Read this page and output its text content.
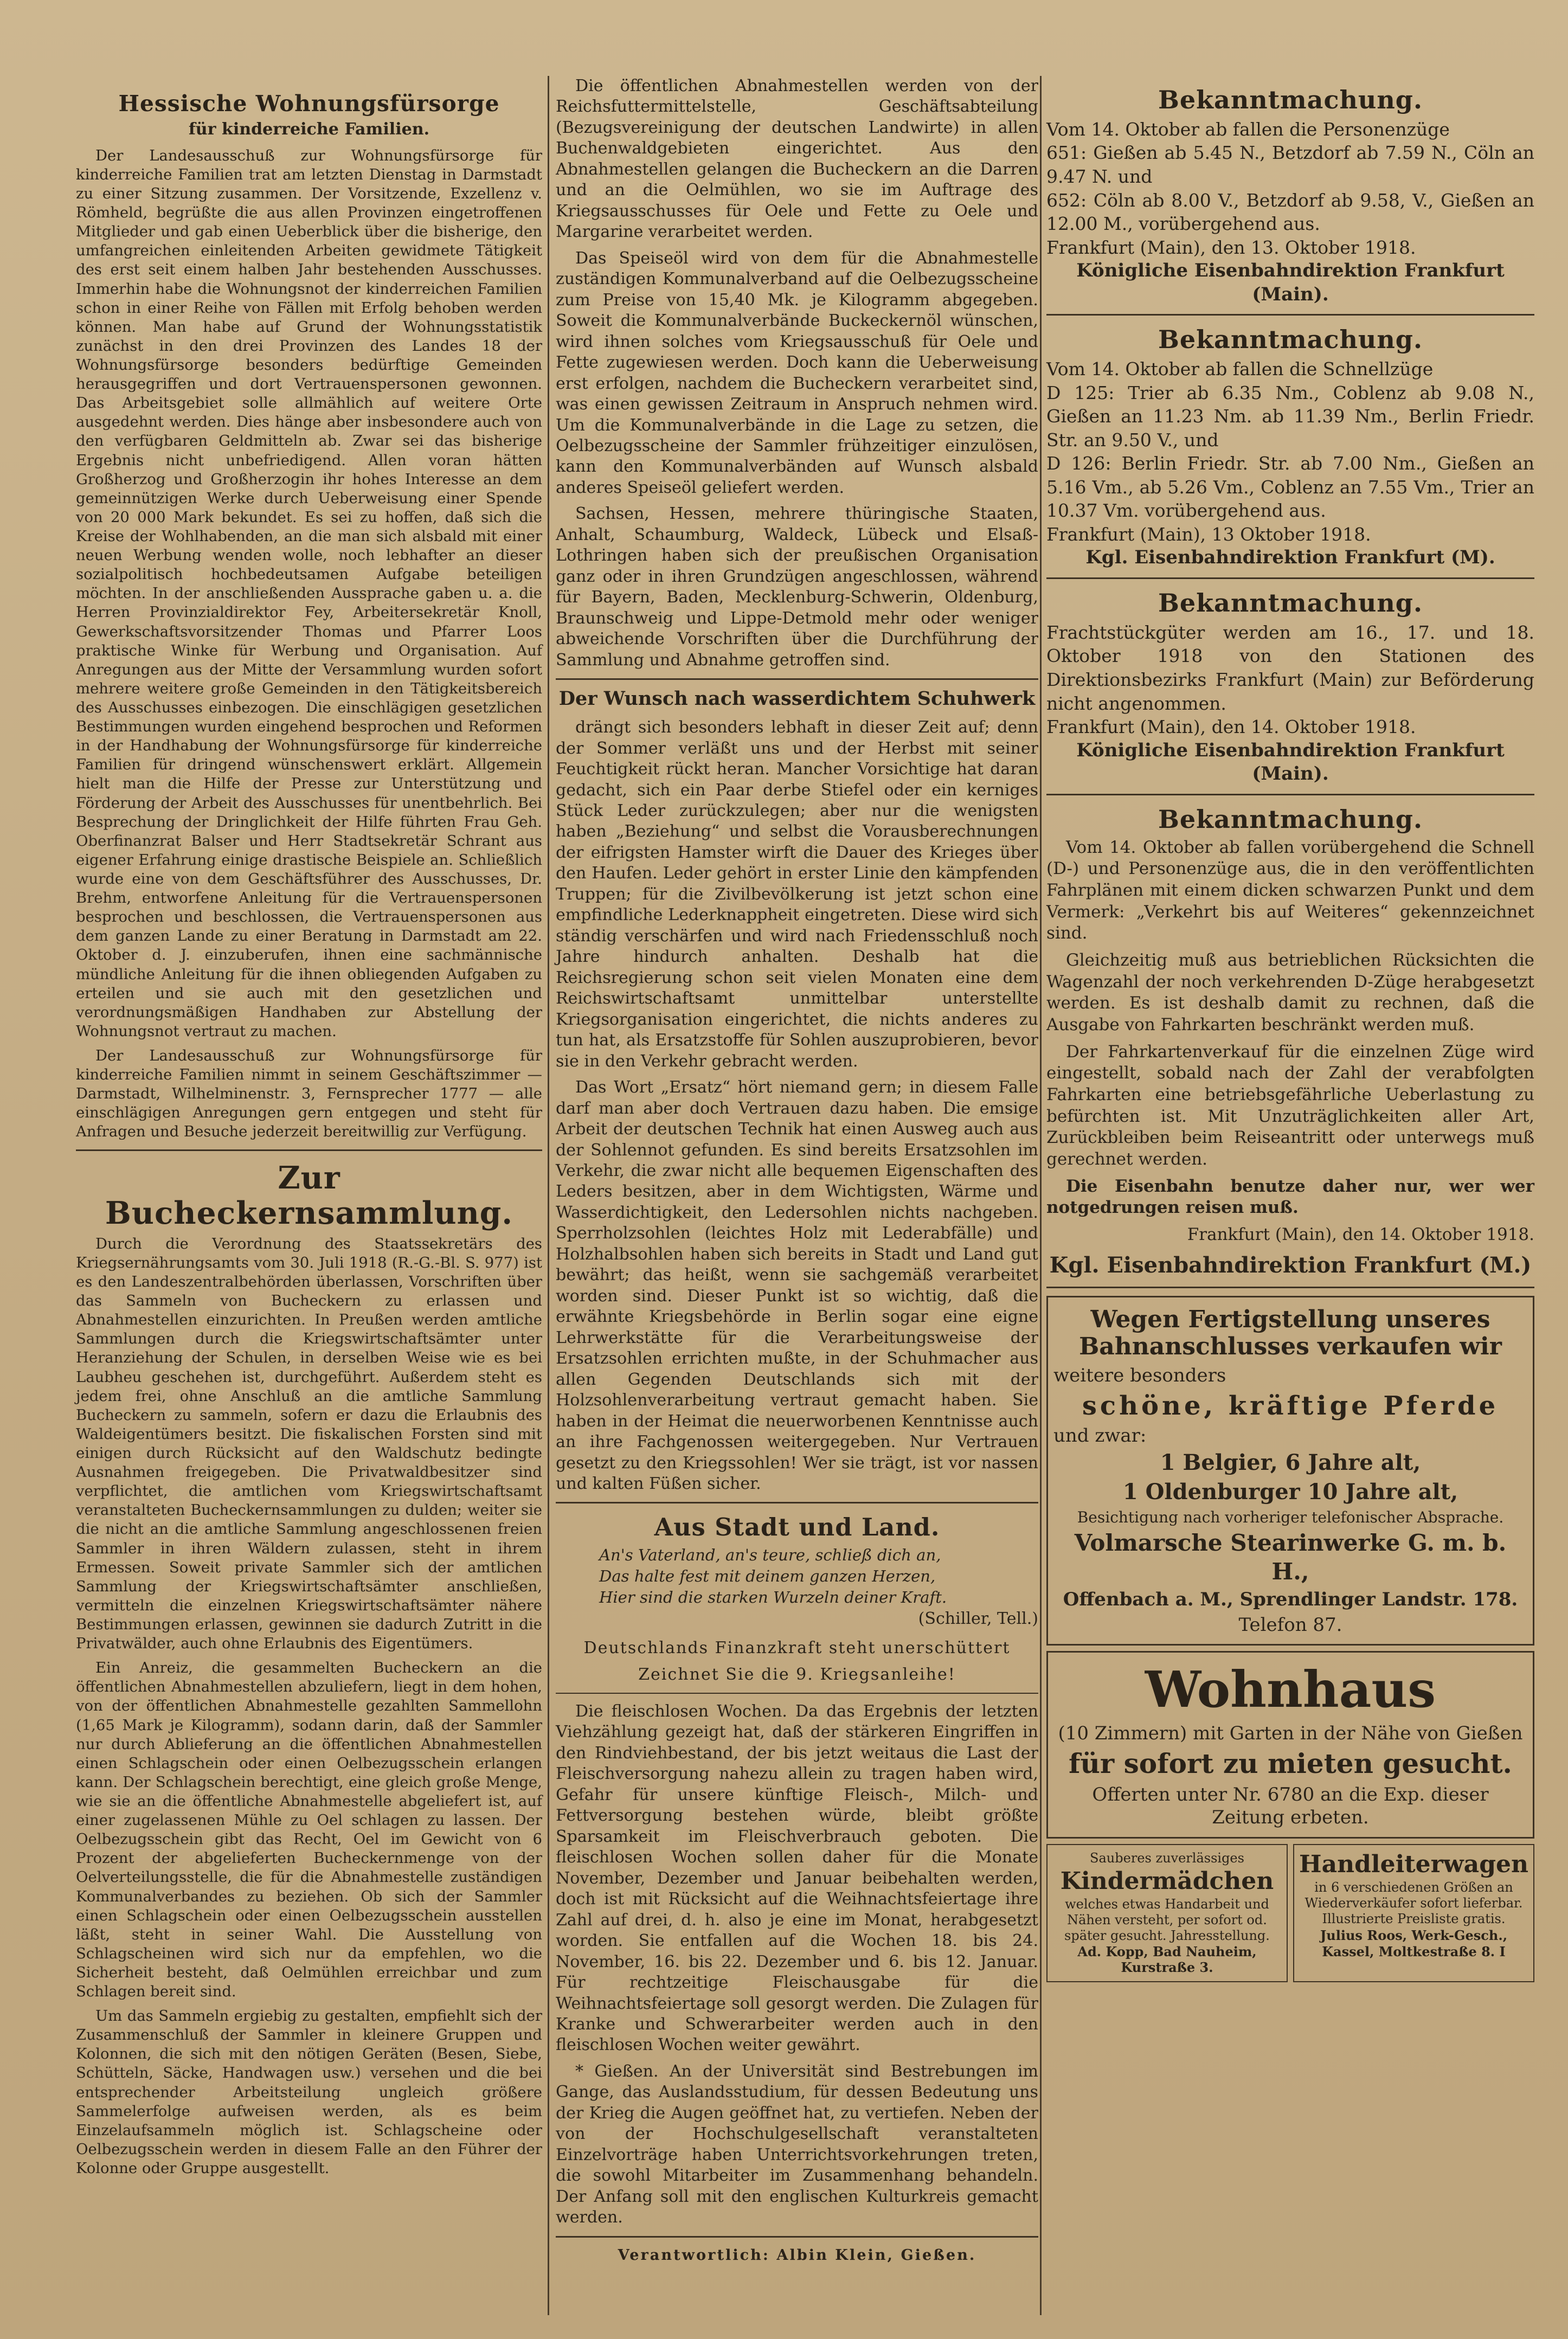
Hessische Wohnungsfürsorge
für kinderreiche Familien.

Der Landesausschuß zur Wohnungsfürsorge für kinderreiche Familien trat am letzten Dienstag in Darmstadt zu einer Sitzung zusammen. Der Vorsitzende, Exzellenz v. Römheld, begrüßte die aus allen Provinzen eingetroffenen Mitglieder und gab einen Ueberblick über die bisherige, den umfangreichen einleitenden Arbeiten gewidmete Tätigkeit des erst seit einem halben Jahr bestehenden Ausschusses. Immerhin habe die Wohnungsnot der kinderreichen Familien schon in einer Reihe von Fällen mit Erfolg behoben werden können. Man habe auf Grund der Wohnungsstatistik zunächst in den drei Provinzen des Landes 18 der Wohnungsfürsorge besonders bedürftige Gemeinden herausgegriffen und dort Vertrauenspersonen gewonnen. Das Arbeitsgebiet solle allmählich auf weitere Orte ausgedehnt werden. Dies hänge aber insbesondere auch von den verfügbaren Geldmitteln ab. Zwar sei das bisherige Ergebnis nicht unbefriedigend. Allen voran hätten Großherzog und Großherzogin ihr hohes Interesse an dem gemeinnützigen Werke durch Ueberweisung einer Spende von 20 000 Mark bekundet. Es sei zu hoffen, daß sich die Kreise der Wohlhabenden, an die man sich alsbald mit einer neuen Werbung wenden wolle, noch lebhafter an dieser sozialpolitisch hochbedeutsamen Aufgabe beteiligen möchten. In der anschließenden Aussprache gaben u. a. die Herren Provinzialdirektor Fey, Arbeitersekretär Knoll, Gewerkschaftsvorsitzender Thomas und Pfarrer Loos praktische Winke für Werbung und Organisation. Auf Anregungen aus der Mitte der Versammlung wurden sofort mehrere weitere große Gemeinden in den Tätigkeitsbereich des Ausschusses einbezogen. Die einschlägigen gesetzlichen Bestimmungen wurden eingehend besprochen und Reformen in der Handhabung der Wohnungsfürsorge für kinderreiche Familien für dringend wünschenswert erklärt. Allgemein hielt man die Hilfe der Presse zur Unterstützung und Förderung der Arbeit des Ausschusses für unentbehrlich. Bei Besprechung der Dringlichkeit der Hilfe führten Frau Geh. Oberfinanzrat Balser und Herr Stadtsekretär Schrant aus eigener Erfahrung einige drastische Beispiele an. Schließlich wurde eine von dem Geschäftsführer des Ausschusses, Dr. Brehm, entworfene Anleitung für die Vertrauenspersonen besprochen und beschlossen, die Vertrauenspersonen aus dem ganzen Lande zu einer Beratung in Darmstadt am 22. Oktober d. J. einzuberufen, ihnen eine sachmännische mündliche Anleitung für die ihnen obliegenden Aufgaben zu erteilen und sie auch mit den gesetzlichen und verordnungsmäßigen Handhaben zur Abstellung der Wohnungsnot vertraut zu machen.

Der Landesausschuß zur Wohnungsfürsorge für kinderreiche Familien nimmt in seinem Geschäftszimmer — Darmstadt, Wilhelminenstr. 3, Fernsprecher 1777 — alle einschlägigen Anregungen gern entgegen und steht für Anfragen und Besuche jederzeit bereitwillig zur Verfügung.

Zur Bucheckernsammlung.

Durch die Verordnung des Staatssekretärs des Kriegsernährungsamts vom 30. Juli 1918 (R.-G.-Bl. S. 977) ist es den Landeszentralbehörden überlassen, Vorschriften über das Sammeln von Bucheckern zu erlassen und Abnahmestellen einzurichten. In Preußen werden amtliche Sammlungen durch die Kriegswirtschaftsämter unter Heranziehung der Schulen, in derselben Weise wie es bei Laubheu geschehen ist, durchgeführt. Außerdem steht es jedem frei, ohne Anschluß an die amtliche Sammlung Bucheckern zu sammeln, sofern er dazu die Erlaubnis des Waldeigentümers besitzt. Die fiskalischen Forsten sind mit einigen durch Rücksicht auf den Waldschutz bedingte Ausnahmen freigegeben. Die Privatwaldbesitzer sind verpflichtet, die amtlichen vom Kriegswirtschaftsamt veranstalteten Bucheckernsammlungen zu dulden; weiter sie die nicht an die amtliche Sammlung angeschlossenen freien Sammler in ihren Wäldern zulassen, steht in ihrem Ermessen. Soweit private Sammler sich der amtlichen Sammlung der Kriegswirtschaftsämter anschließen, vermitteln die einzelnen Kriegswirtschaftsämter nähere Bestimmungen erlassen, gewinnen sie dadurch Zutritt in die Privatwälder, auch ohne Erlaubnis des Eigentümers.

Ein Anreiz, die gesammelten Bucheckern an die öffentlichen Abnahmestellen abzuliefern, liegt in dem hohen, von der öffentlichen Abnahmestelle gezahlten Sammellohn (1,65 Mark je Kilogramm), sodann darin, daß der Sammler nur durch Ablieferung an die öffentlichen Abnahmestellen einen Schlagschein oder einen Oelbezugsschein erlangen kann. Der Schlagschein berechtigt, eine gleich große Menge, wie sie an die öffentliche Abnahmestelle abgeliefert ist, auf einer zugelassenen Mühle zu Oel schlagen zu lassen. Der Oelbezugsschein gibt das Recht, Oel im Gewicht von 6 Prozent der abgelieferten Bucheckernmenge von der Oelverteilungsstelle, die für die Abnahmestelle zuständigen Kommunalverbandes zu beziehen. Ob sich der Sammler einen Schlagschein oder einen Oelbezugsschein ausstellen läßt, steht in seiner Wahl. Die Ausstellung von Schlagscheinen wird sich nur da empfehlen, wo die Sicherheit besteht, daß Oelmühlen erreichbar und zum Schlagen bereit sind.

Um das Sammeln ergiebig zu gestalten, empfiehlt sich der Zusammenschluß der Sammler in kleinere Gruppen und Kolonnen, die sich mit den nötigen Geräten (Besen, Siebe, Schütteln, Säcke, Handwagen usw.) versehen und die bei entsprechender Arbeitsteilung ungleich größere Sammelerfolge aufweisen werden, als es beim Einzelaufsammeln möglich ist. Schlagscheine oder Oelbezugsschein werden in diesem Falle an den Führer der Kolonne oder Gruppe ausgestellt.

Die öffentlichen Abnahmestellen werden von der Reichsfuttermittelstelle, Geschäftsabteilung (Bezugsvereinigung der deutschen Landwirte) in allen Buchenwaldgebieten eingerichtet. Aus den Abnahmestellen gelangen die Bucheckern an die Darren und an die Oelmühlen, wo sie im Auftrage des Kriegsausschusses für Oele und Fette zu Oele und Margarine verarbeitet werden.

Das Speiseöl wird von dem für die Abnahmestelle zuständigen Kommunalverband auf die Oelbezugsscheine zum Preise von 15,40 Mk. je Kilogramm abgegeben. Soweit die Kommunalverbände Buckeckernöl wünschen, wird ihnen solches vom Kriegsausschuß für Oele und Fette zugewiesen werden. Doch kann die Ueberweisung erst erfolgen, nachdem die Bucheckern verarbeitet sind, was einen gewissen Zeitraum in Anspruch nehmen wird. Um die Kommunalverbände in die Lage zu setzen, die Oelbezugsscheine der Sammler frühzeitiger einzulösen, kann den Kommunalverbänden auf Wunsch alsbald anderes Speiseöl geliefert werden.

Sachsen, Hessen, mehrere thüringische Staaten, Anhalt, Schaumburg, Waldeck, Lübeck und Elsaß-Lothringen haben sich der preußischen Organisation ganz oder in ihren Grundzügen angeschlossen, während für Bayern, Baden, Mecklenburg-Schwerin, Oldenburg, Braunschweig und Lippe-Detmold mehr oder weniger abweichende Vorschriften über die Durchführung der Sammlung und Abnahme getroffen sind.

Der Wunsch nach wasserdichtem Schuhwerk

drängt sich besonders lebhaft in dieser Zeit auf; denn der Sommer verläßt uns und der Herbst mit seiner Feuchtigkeit rückt heran. Mancher Vorsichtige hat daran gedacht, sich ein Paar derbe Stiefel oder ein kerniges Stück Leder zurückzulegen; aber nur die wenigsten haben „Beziehung“ und selbst die Vorausberechnungen der eifrigsten Hamster wirft die Dauer des Krieges über den Haufen. Leder gehört in erster Linie den kämpfenden Truppen; für die Zivilbevölkerung ist jetzt schon eine empfindliche Lederknappheit eingetreten. Diese wird sich ständig verschärfen und wird nach Friedensschluß noch Jahre hindurch anhalten. Deshalb hat die Reichsregierung schon seit vielen Monaten eine dem Reichswirtschaftsamt unmittelbar unterstellte Kriegsorganisation eingerichtet, die nichts anderes zu tun hat, als Ersatzstoffe für Sohlen auszuprobieren, bevor sie in den Verkehr gebracht werden.

Das Wort „Ersatz“ hört niemand gern; in diesem Falle darf man aber doch Vertrauen dazu haben. Die emsige Arbeit der deutschen Technik hat einen Ausweg auch aus der Sohlennot gefunden. Es sind bereits Ersatzsohlen im Verkehr, die zwar nicht alle bequemen Eigenschaften des Leders besitzen, aber in dem Wichtigsten, Wärme und Wasserdichtigkeit, den Ledersohlen nichts nachgeben. Sperrholzsohlen (leichtes Holz mit Lederabfälle) und Holzhalbsohlen haben sich bereits in Stadt und Land gut bewährt; das heißt, wenn sie sachgemäß verarbeitet worden sind. Dieser Punkt ist so wichtig, daß die erwähnte Kriegsbehörde in Berlin sogar eine eigne Lehrwerkstätte für die Verarbeitungsweise der Ersatzsohlen errichten mußte, in der Schuhmacher aus allen Gegenden Deutschlands sich mit der Holzsohlenverarbeitung vertraut gemacht haben. Sie haben in der Heimat die neuerworbenen Kenntnisse auch an ihre Fachgenossen weitergegeben. Nur Vertrauen gesetzt zu den Kriegssohlen! Wer sie trägt, ist vor nassen und kalten Füßen sicher.

Aus Stadt und Land.
An's Vaterland, an's teure, schließ dich an,
Das halte fest mit deinem ganzen Herzen,
Hier sind die starken Wurzeln deiner Kraft.

(Schiller, Tell.)

Deutschlands Finanzkraft steht unerschüttert

Zeichnet Sie die 9. Kriegsanleihe!

Die fleischlosen Wochen. Da das Ergebnis der letzten Viehzählung gezeigt hat, daß der stärkeren Eingriffen in den Rindviehbestand, der bis jetzt weitaus die Last der Fleischversorgung nahezu allein zu tragen haben wird, Gefahr für unsere künftige Fleisch-, Milch- und Fettversorgung bestehen würde, bleibt größte Sparsamkeit im Fleischverbrauch geboten. Die fleischlosen Wochen sollen daher für die Monate November, Dezember und Januar beibehalten werden, doch ist mit Rücksicht auf die Weihnachtsfeiertage ihre Zahl auf drei, d. h. also je eine im Monat, herabgesetzt worden. Sie entfallen auf die Wochen 18. bis 24. November, 16. bis 22. Dezember und 6. bis 12. Januar. Für rechtzeitige Fleischausgabe für die Weihnachtsfeiertage soll gesorgt werden. Die Zulagen für Kranke und Schwerarbeiter werden auch in den fleischlosen Wochen weiter gewährt.

* Gießen. An der Universität sind Bestrebungen im Gange, das Auslandsstudium, für dessen Bedeutung uns der Krieg die Augen geöffnet hat, zu vertiefen. Neben der von der Hochschulgesellschaft veranstalteten Einzelvorträge haben Unterrichtsvorkehrungen treten, die sowohl Mitarbeiter im Zusammenhang behandeln. Der Anfang soll mit den englischen Kulturkreis gemacht werden.

Verantwortlich: Albin Klein, Gießen.
Bekanntmachung.

Vom 14. Oktober ab fallen die Personenzüge

651: Gießen ab 5.45 N., Betzdorf ab 7.59 N., Cöln an 9.47 N. und

652: Cöln ab 8.00 V., Betzdorf ab 9.58, V., Gießen an 12.00 M., vorübergehend aus.

Frankfurt (Main), den 13. Oktober 1918.

Königliche Eisenbahndirektion Frankfurt (Main).

Bekanntmachung.

Vom 14. Oktober ab fallen die Schnellzüge

D 125: Trier ab 6.35 Nm., Coblenz ab 9.08 N., Gießen an 11.23 Nm. ab 11.39 Nm., Berlin Friedr. Str. an 9.50 V., und

D 126: Berlin Friedr. Str. ab 7.00 Nm., Gießen an 5.16 Vm., ab 5.26 Vm., Coblenz an 7.55 Vm., Trier an 10.37 Vm. vorübergehend aus.

Frankfurt (Main), 13 Oktober 1918.

Kgl. Eisenbahndirektion Frankfurt (M).

Bekanntmachung.

Frachtstückgüter werden am 16., 17. und 18. Oktober 1918 von den Stationen des Direktionsbezirks Frankfurt (Main) zur Beförderung nicht angenommen.

Frankfurt (Main), den 14. Oktober 1918.

Königliche Eisenbahndirektion Frankfurt (Main).

Bekanntmachung.

Vom 14. Oktober ab fallen vorübergehend die Schnell (D-) und Personenzüge aus, die in den veröffentlichten Fahrplänen mit einem dicken schwarzen Punkt und dem Vermerk: „Verkehrt bis auf Weiteres“ gekennzeichnet sind.

Gleichzeitig muß aus betrieblichen Rücksichten die Wagenzahl der noch verkehrenden D-Züge herabgesetzt werden. Es ist deshalb damit zu rechnen, daß die Ausgabe von Fahrkarten beschränkt werden muß.

Der Fahrkartenverkauf für die einzelnen Züge wird eingestellt, sobald nach der Zahl der verabfolgten Fahrkarten eine betriebsgefährliche Ueberlastung zu befürchten ist. Mit Unzuträglichkeiten aller Art, Zurückbleiben beim Reiseantritt oder unterwegs muß gerechnet werden.

Die Eisenbahn benutze daher nur, wer wer notgedrungen reisen muß.

Frankfurt (Main), den 14. Oktober 1918.

Kgl. Eisenbahndirektion Frankfurt (M.)

Wegen Fertigstellung unseres Bahnanschlusses verkaufen wir
weitere besonders
schöne, kräftige Pferde
und zwar:
1 Belgier, 6 Jahre alt,
1 Oldenburger 10 Jahre alt,
Besichtigung nach vorheriger telefonischer Absprache.
Volmarsche Stearinwerke G. m. b. H.,
Offenbach a. M., Sprendlinger Landstr. 178.
Telefon 87.
Wohnhaus
(10 Zimmern) mit Garten in der Nähe von Gießen
für sofort zu mieten gesucht.
Offerten unter Nr. 6780 an die Exp. dieser Zeitung erbeten.
Sauberes zuverlässiges
Kindermädchen
welches etwas Handarbeit und Nähen versteht, per sofort od. später gesucht. Jahresstellung.
Ad. Kopp, Bad Nauheim, Kurstraße 3.
Handleiterwagen
in 6 verschiedenen Größen an Wiederverkäufer sofort lieferbar. Illustrierte Preisliste gratis.
Julius Roos, Werk-Gesch.,
Kassel, Moltkestraße 8. I
